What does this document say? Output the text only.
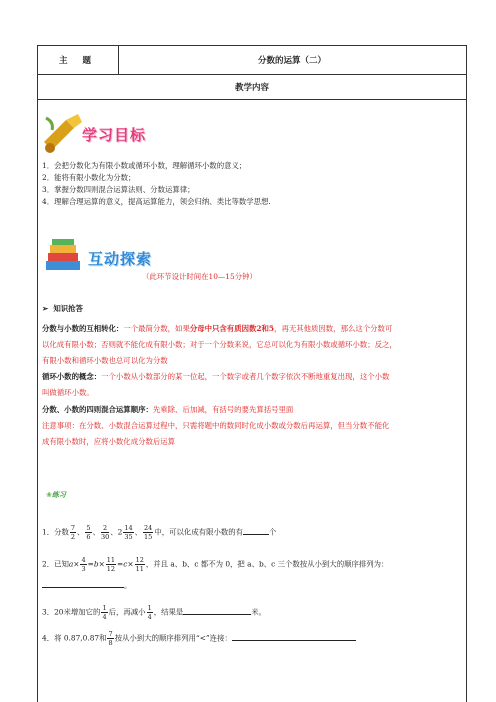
主 题	分数的运算（二）
教学内容
学习目标
1．会把分数化为有限小数或循环小数，理解循环小数的意义；
2．能将有限小数化为分数；
3．掌握分数四则混合运算法则、分数运算律；
4．理解合理运算的意义，提高运算能力，领会归纳、类比等数学思想.
互动探索
（此环节设计时间在10—15分钟）
➢ 知识抢答
分数与小数的互相转化：一个最简分数，如果分母中只含有质因数2和5，再无其他质因数，那么这个分数可
以化成有限小数；否则就不能化成有限小数；对于一个分数来说，它总可以化为有限小数或循环小数；反之，
有限小数和循环小数也总可以化为分数
循环小数的概念：一个小数从小数部分的某一位起，一个数字或者几个数字依次不断地重复出现，这个小数
叫做循环小数。
分数、小数的四则混合运算顺序：先乘除、后加减，有括号的要先算括号里面
注意事项：在分数、小数混合运算过程中，只需将题中的数同时化成小数或分数后再运算，但当分数不能化
成有限小数时，应将小数化成分数后运算
❀练习
1．分数 $\frac{7}{2}$ 、 $\frac{5}{6}$ 、 $\frac{2}{30}$ 、$2 \frac{14}{35}$ 、 $\frac{24}{15}$ 中，可以化成有限小数的有	个
2．已知$a\times \frac{4}{3} =b\times \frac{11}{12} =c\times \frac{12}{11}$ ，并且 a、b、c 都不为 0，把 a、b、c 三个数按从小到大的顺序排列为：
。
3．20米增加它的 $\frac{1}{4}$ 后，再减小 $\frac{1}{4}$ ，结果是	米。
4．将 0.87,0.87和 $\frac{7}{8}$ 按从小到大的顺序排列用“<”连接：
